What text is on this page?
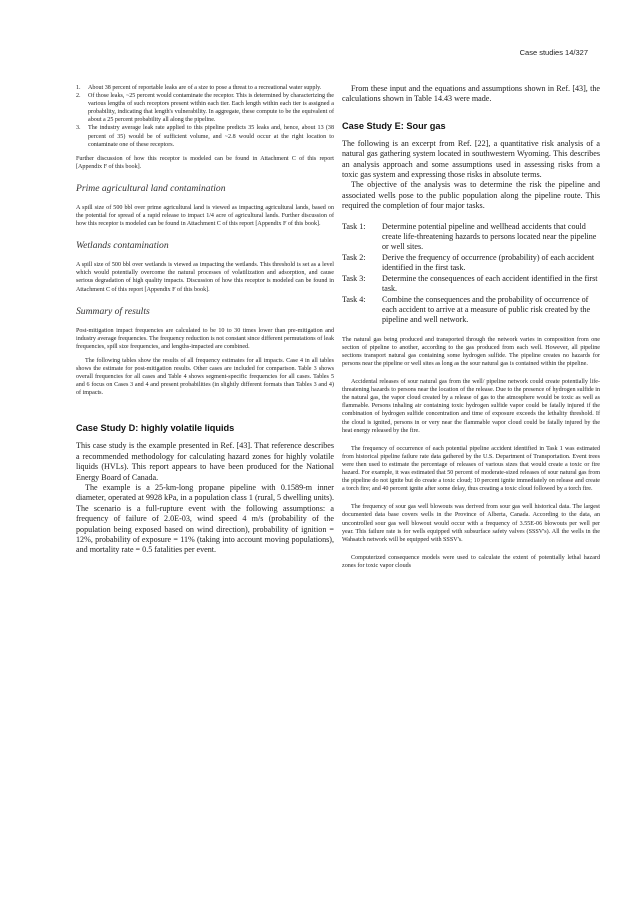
Case studies 14/327
1. About 38 percent of reportable leaks are of a size to pose a threat to a recreational water supply.
2. Of those leaks, ~25 percent would contaminate the receptor. This is determined by characterizing the various lengths of such receptors present within each tier. Each length within each tier is assigned a probability, indicating that length's vulnerability. In aggregate, these compute to be the equivalent of about a 25 percent probability all along the pipeline.
3. The industry average leak rate applied to this pipeline predicts 35 leaks and, hence, about 13 (38 percent of 35) would be of sufficient volume, and ~2.8 would occur at the right location to contaminate one of these receptors.

Further discussion of how this receptor is modeled can be found in Attachment C of this report [Appendix F of this book].

Prime agricultural land contamination

A spill size of 500 bbl over prime agricultural land is viewed as impacting agricultural lands, based on the potential for spread of a rapid release to impact 1/4 acre of agricultural lands. Further discussion of how this receptor is modeled can be found in Attachment C of this report [Appendix F of this book].

Wetlands contamination

A spill size of 500 bbl over wetlands is viewed as impacting the wetlands. This threshold is set as a level which would potentially overcome the natural processes of volatilization and adsorption, and cause serious degradation of high quality impacts. Discussion of how this receptor is modeled can be found in Attachment C of this report [Appendix F of this book].

Summary of results

Post-mitigation impact frequencies are calculated to be 10 to 30 times lower than pre-mitigation and industry average frequencies. The frequency reduction is not constant since different permutations of leak frequencies, spill size frequencies, and lengths-impacted are combined.

The following tables show the results of all frequency estimates for all impacts. Case 4 in all tables shows the estimate for post-mitigation results. Other cases are included for comparison. Table 3 shows overall frequencies for all cases and Table 4 shows segment-specific frequencies for all cases. Tables 5 and 6 focus on Cases 3 and 4 and present probabilities (in slightly different formats than Tables 3 and 4) of impacts.

Case Study D: highly volatile liquids

This case study is the example presented in Ref. [43]. That reference describes a recommended methodology for calculating hazard zones for highly volatile liquids (HVLs). This report appears to have been produced for the National Energy Board of Canada.

The example is a 25-km-long propane pipeline with 0.1589-m inner diameter, operated at 9928 kPa, in a population class 1 (rural, 5 dwelling units). The scenario is a full-rupture event with the following assumptions: a frequency of failure of 2.0E-03, wind speed 4 m/s (probability of the population being exposed based on wind direction), probability of ignition = 12%, probability of exposure = 11% (taking into account moving populations), and mortality rate = 0.5 fatalities per event.

From these input and the equations and assumptions shown in Ref. [43], the calculations shown in Table 14.43 were made.

Case Study E: Sour gas

The following is an excerpt from Ref. [22], a quantitative risk analysis of a natural gas gathering system located in southwestern Wyoming. This describes an analysis approach and some assumptions used in assessing risks from a toxic gas system and expressing those risks in absolute terms.

The objective of the analysis was to determine the risk the pipeline and associated wells pose to the public population along the pipeline route. This required the completion of four major tasks.

Task 1: Determine potential pipeline and wellhead accidents that could create life-threatening hazards to persons located near the pipeline or well sites.
Task 2: Derive the frequency of occurrence (probability) of each accident identified in the first task.
Task 3: Determine the consequences of each accident identified in the first task.
Task 4: Combine the consequences and the probability of occurrence of each accident to arrive at a measure of public risk created by the pipeline and well network.

The natural gas being produced and transported through the network varies in composition from one section of pipeline to another, according to the gas produced from each well. However, all pipeline sections transport natural gas containing some hydrogen sulfide. The pipeline creates no hazards for persons near the pipeline or well sites as long as the sour natural gas is contained within the pipeline.

Accidental releases of sour natural gas from the well/ pipeline network could create potentially life-threatening hazards to persons near the location of the release. Due to the presence of hydrogen sulfide in the natural gas, the vapor cloud created by a release of gas to the atmosphere would be toxic as well as flammable. Persons inhaling air containing toxic hydrogen sulfide vapor could be fatally injured if the combination of hydrogen sulfide concentration and time of exposure exceeds the lethality threshold. If the cloud is ignited, persons in or very near the flammable vapor cloud could be fatally injured by the heat energy released by the fire.

The frequency of occurrence of each potential pipeline accident identified in Task 1 was estimated from historical pipeline failure rate data gathered by the U.S. Department of Transportation. Event trees were then used to estimate the percentage of releases of various sizes that would create a toxic or fire hazard. For example, it was estimated that 50 percent of moderate-sized releases of sour natural gas from the pipeline do not ignite but do create a toxic cloud; 10 percent ignite immediately on release and create a torch fire; and 40 percent ignite after some delay, thus creating a toxic cloud followed by a torch fire.

The frequency of sour gas well blowouts was derived from sour gas well historical data. The largest documented data base covers wells in the Province of Alberta, Canada. According to the data, an uncontrolled sour gas well blowout would occur with a frequency of 3.55E-06 blowouts per well per year. This failure rate is for wells equipped with subsurface safety valves (SSSV's). All the wells in the Wahsatch network will be equipped with SSSV's.

Computerized consequence models were used to calculate the extent of potentially lethal hazard zones for toxic vapor clouds
